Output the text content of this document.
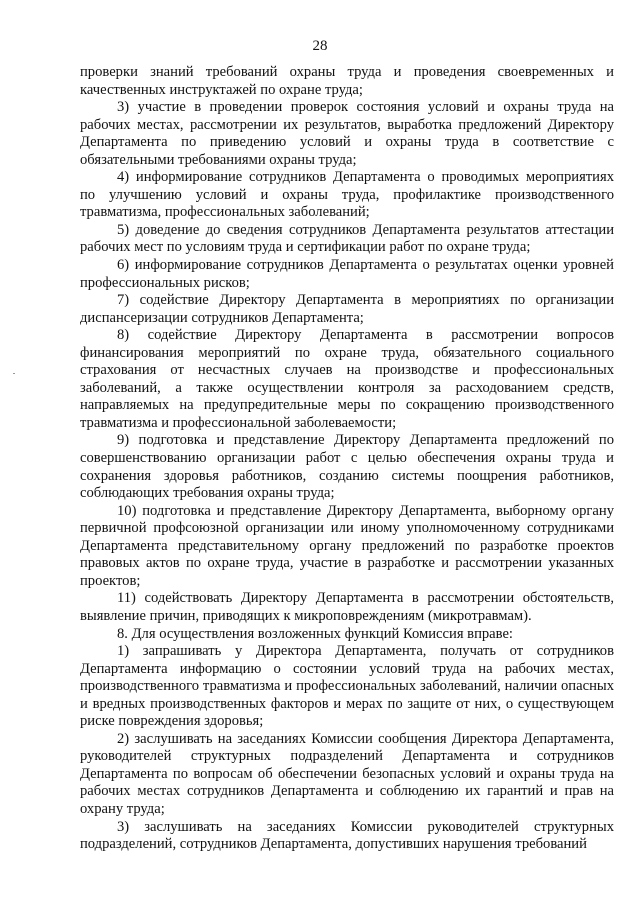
28

проверки знаний требований охраны труда и проведения своевременных и качественных инструктажей по охране труда;

3) участие в проведении проверок состояния условий и охраны труда на рабочих местах, рассмотрении их результатов, выработка предложений Директору Департамента по приведению условий и охраны труда в соответствие с обязательными требованиями охраны труда;

4) информирование сотрудников Департамента о проводимых мероприятиях по улучшению условий и охраны труда, профилактике производственного травматизма, профессиональных заболеваний;

5) доведение до сведения сотрудников Департамента результатов аттестации рабочих мест по условиям труда и сертификации работ по охране труда;

6) информирование сотрудников Департамента о результатах оценки уровней профессиональных рисков;

7) содействие Директору Департамента в мероприятиях по организации диспансеризации сотрудников Департамента;

8) содействие Директору Департамента в рассмотрении вопросов финансирования мероприятий по охране труда, обязательного социального страхования от несчастных случаев на производстве и профессиональных заболеваний, а также осуществлении контроля за расходованием средств, направляемых на предупредительные меры по сокращению производственного травматизма и профессиональной заболеваемости;

9) подготовка и представление Директору Департамента предложений по совершенствованию организации работ с целью обеспечения охраны труда и сохранения здоровья работников, созданию системы поощрения работников, соблюдающих требования охраны труда;

10) подготовка и представление Директору Департамента, выборному органу первичной профсоюзной организации или иному уполномоченному сотрудниками Департамента представительному органу предложений по разработке проектов правовых актов по охране труда, участие в разработке и рассмотрении указанных проектов;

11) содействовать Директору Департамента в рассмотрении обстоятельств, выявление причин, приводящих к микроповреждениям (микротравмам).

8. Для осуществления возложенных функций Комиссия вправе:

1) запрашивать у Директора Департамента, получать от сотрудников Департамента информацию о состоянии условий труда на рабочих местах, производственного травматизма и профессиональных заболеваний, наличии опасных и вредных производственных факторов и мерах по защите от них, о существующем риске повреждения здоровья;

2) заслушивать на заседаниях Комиссии сообщения Директора Департамента, руководителей структурных подразделений Департамента и сотрудников Департамента по вопросам об обеспечении безопасных условий и охраны труда на рабочих местах сотрудников Департамента и соблюдению их гарантий и прав на охрану труда;

3) заслушивать на заседаниях Комиссии руководителей структурных подразделений, сотрудников Департамента, допустивших нарушения требований
